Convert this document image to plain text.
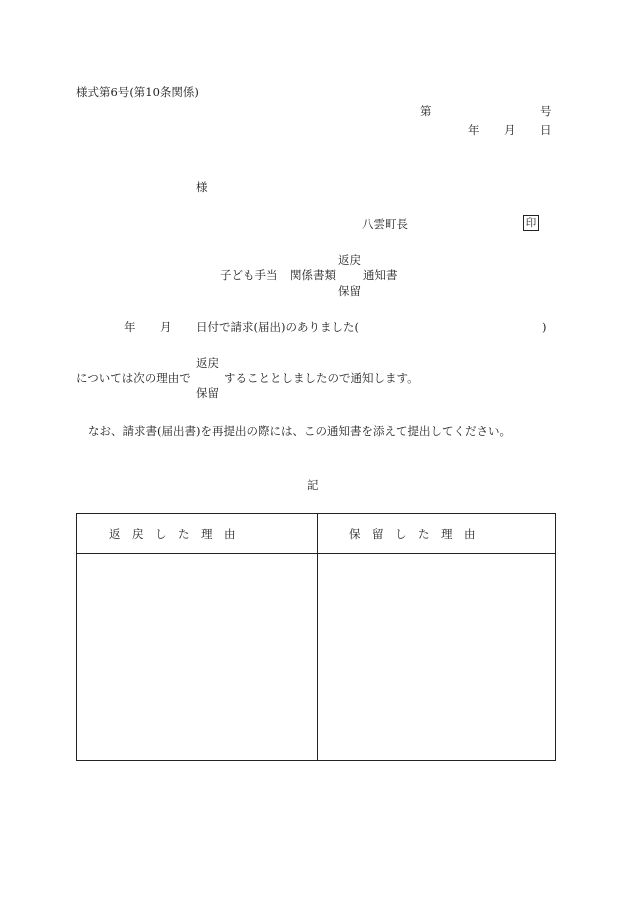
様式第6号(第10条関係)
第	号
年 月 日
様
八雲町長	印
返戻
子ども手当 関係書類 通知書
保留
年 月 日付で請求(届出)のありました(	)
返戻
については次の理由で	することとしましたので通知します。
保留
なお、請求書(届出書)を再提出の際には、この通知書を添えて提出してください。
記
返　戻　し　た　理　由	保　留　し　た　理　由
